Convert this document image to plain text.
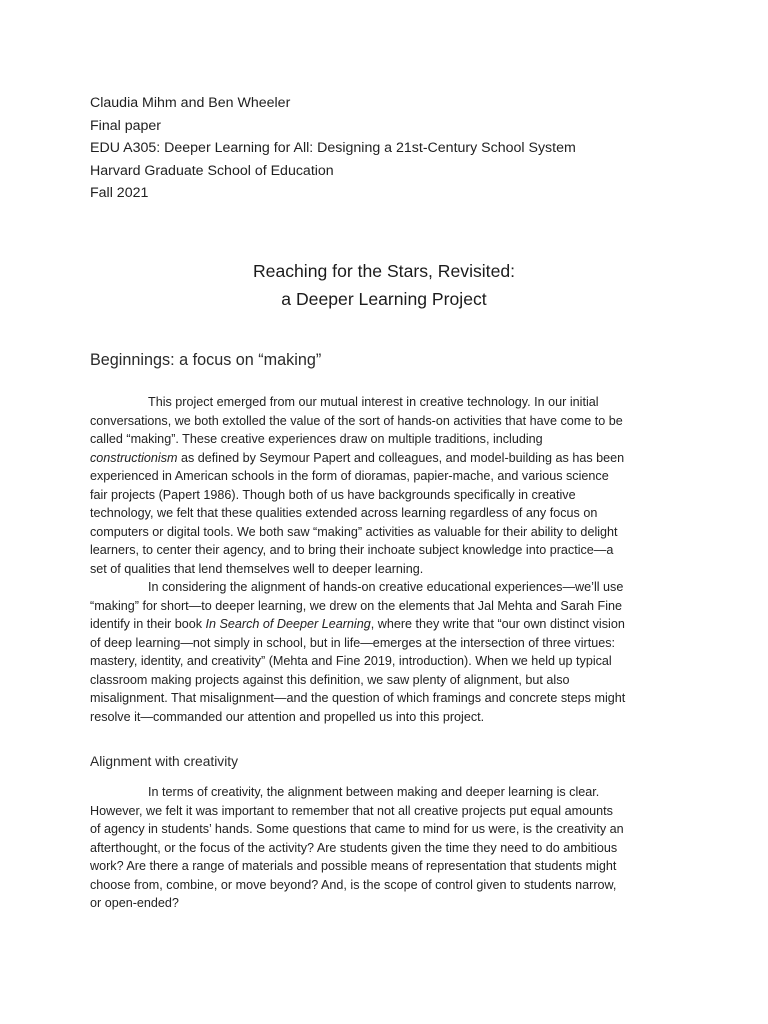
Claudia Mihm and Ben Wheeler
Final paper
EDU A305: Deeper Learning for All: Designing a 21st-Century School System
Harvard Graduate School of Education
Fall 2021
Reaching for the Stars, Revisited:
a Deeper Learning Project
Beginnings: a focus on “making”
This project emerged from our mutual interest in creative technology. In our initial
conversations, we both extolled the value of the sort of hands-on activities that have come to be
called “making”. These creative experiences draw on multiple traditions, including
constructionism as defined by Seymour Papert and colleagues, and model-building as has been
experienced in American schools in the form of dioramas, papier-mache, and various science
fair projects (Papert 1986). Though both of us have backgrounds specifically in creative
technology, we felt that these qualities extended across learning regardless of any focus on
computers or digital tools. We both saw “making” activities as valuable for their ability to delight
learners, to center their agency, and to bring their inchoate subject knowledge into practice—a
set of qualities that lend themselves well to deeper learning.
In considering the alignment of hands-on creative educational experiences—we’ll use
“making” for short—to deeper learning, we drew on the elements that Jal Mehta and Sarah Fine
identify in their book In Search of Deeper Learning, where they write that “our own distinct vision
of deep learning—not simply in school, but in life—emerges at the intersection of three virtues:
mastery, identity, and creativity” (Mehta and Fine 2019, introduction). When we held up typical
classroom making projects against this definition, we saw plenty of alignment, but also
misalignment. That misalignment—and the question of which framings and concrete steps might
resolve it—commanded our attention and propelled us into this project.
Alignment with creativity
In terms of creativity, the alignment between making and deeper learning is clear.
However, we felt it was important to remember that not all creative projects put equal amounts
of agency in students’ hands. Some questions that came to mind for us were, is the creativity an
afterthought, or the focus of the activity? Are students given the time they need to do ambitious
work? Are there a range of materials and possible means of representation that students might
choose from, combine, or move beyond? And, is the scope of control given to students narrow,
or open-ended?
